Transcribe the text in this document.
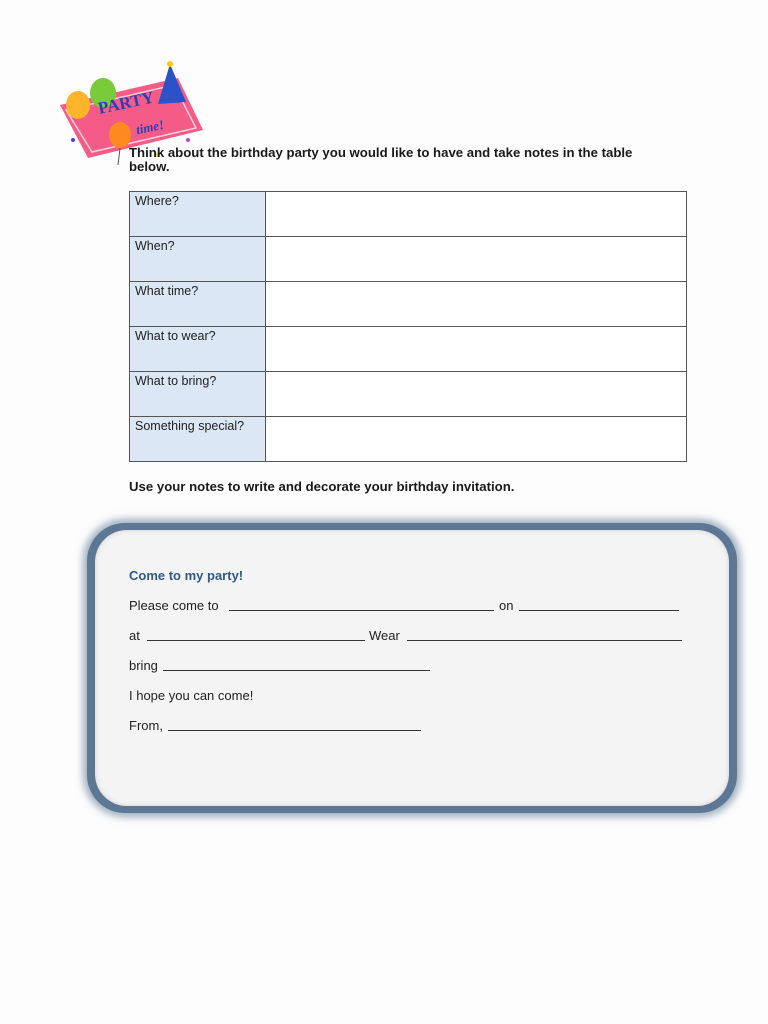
PARTY
time!
Think about the birthday party you would like to have and take notes in the table below.
Where?	
When?	
What time?	
What to wear?	
What to bring?	
Something special?	
Use your notes to write and decorate your birthday invitation.
Come to my party!
Please come to	on
at	Wear
bring
I hope you can come!
From,
